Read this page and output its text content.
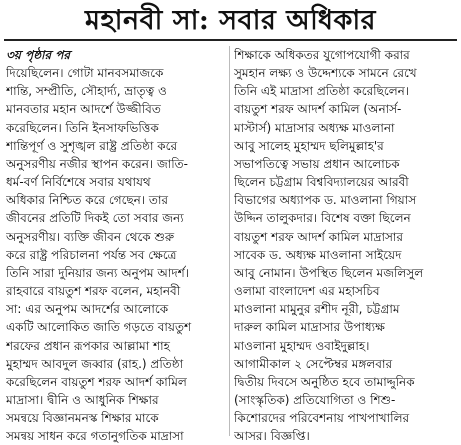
মহানবী সা: সবার অধিকার
৩য় পৃষ্ঠার পর
দিয়েছিলেন। গোটা মানবসমাজকে
শান্তি, সম্প্রীতি, সৌহার্দ্য, ভ্রাতৃত্ব ও
মানবতার মহান আদর্শে উজ্জীবিত
করেছিলেন। তিনি ইনসাফভিত্তিক
শান্তিপূর্ণ ও সুশৃঙ্খল রাষ্ট্র প্রতিষ্ঠা করে
অনুসরণীয় নজীর স্থাপন করেন। জাতি-
ধর্ম-বর্ণ নির্বিশেষে সবার যথাযথ
অধিকার নিশ্চিত করে গেছেন। তার
জীবনের প্রতিটি দিকই তো সবার জন্য
অনুসরণীয়। ব্যক্তি জীবন থেকে শুরু
করে রাষ্ট্র পরিচালনা পর্যন্ত সব ক্ষেত্রে
তিনি সারা দুনিয়ার জন্য অনুপম আদর্শ।
রাহবারে বায়তুশ শরফ বলেন, মহানবী
সা: এর অনুপম আদর্শের আলোকে
একটি আলোকিত জাতি গড়তে বায়তুশ
শরফের প্রধান রূপকার আল্লামা শাহ
মুহাম্মদ আবদুল জব্বার (রাহ.) প্রতিষ্ঠা
করেছিলেন বায়তুশ শরফ আদর্শ কামিল
মাদ্রাসা। দ্বীনি ও আধুনিক শিক্ষার
সমন্বয়ে বিজ্ঞানমনস্ক শিক্ষার মাকে
সমন্বয় সাধন করে গতানুগতিক মাদ্রাসা
শিক্ষাকে অধিকতর যুগোপযোগী করার
সুমহান লক্ষ্য ও উদ্দেশ্যকে সামনে রেখে
তিনি এই মাদ্রাসা প্রতিষ্ঠা করেছিলেন।
বায়তুশ শরফ আদর্শ কামিল (অনার্স-
মাস্টার্স) মাদ্রাসার অধ্যক্ষ মাওলানা
আবু সালেহ মুহাম্মদ ছলিমুল্লাহ'র
সভাপতিত্বে সভায় প্রধান আলোচক
ছিলেন চট্টগ্রাম বিশ্ববিদ্যালয়ের আরবী
বিভাগের অধ্যাপক ড. মাওলানা গিয়াস
উদ্দিন তালুকদার। বিশেষ বক্তা ছিলেন
বায়তুশ শরফ আদর্শ কামিল মাদ্রাসার
সাবেক ড. অধ্যক্ষ মাওলানা সাইয়েদ
আবু নোমান। উপস্থিত ছিলেন মজলিসুল
ওলামা বাংলাদেশ এর মহাসচিব
মাওলানা মামুনুর রশীদ নূরী, চট্টগ্রাম
দারুল কামিল মাদ্রাসার উপাধ্যক্ষ
মাওলানা মুহাম্মদ ওবাইদুল্লাহ।
আগামীকাল ২ সেপ্টেম্বর মঙ্গলবার
দ্বিতীয় দিবসে অনুষ্ঠিত হবে তামাদ্দুনিক
(সাংস্কৃতিক) প্রতিযোগিতা ও শিশু-
কিশোরদের পরিবেশনায় পাখপাখালির
আসর। বিজ্ঞপ্তি।
